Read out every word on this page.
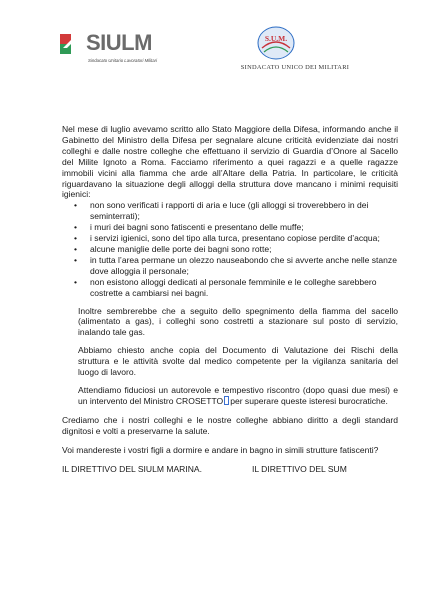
SIULM
Sindacato Unitario Lavoratori Militari
S.U.M.
SINDACATO UNICO DEI MILITARI

Nel mese di luglio avevamo scritto allo Stato Maggiore della Difesa, informando anche il Gabinetto del Ministro della Difesa per segnalare alcune criticità evidenziate dai nostri colleghi e dalle nostre colleghe che effettuano il servizio di Guardia d’Onore al Sacello del Milite Ignoto a Roma. Facciamo riferimento a quei ragazzi e a quelle ragazze immobili vicini alla fiamma che arde all’Altare della Patria. In particolare, le criticità riguardavano la situazione degli alloggi della struttura dove mancano i minimi requisiti igienici:

• non sono verificati i rapporti di aria e luce (gli alloggi si troverebbero in dei seminterrati);
• i muri dei bagni sono fatiscenti e presentano delle muffe;
• i servizi igienici, sono del tipo alla turca, presentano copiose perdite d’acqua;
• alcune maniglie delle porte dei bagni sono rotte;
• in tutta l’area permane un olezzo nauseabondo che si avverte anche nelle stanze dove alloggia il personale;
• non esistono alloggi dedicati al personale femminile e le colleghe sarebbero costrette a cambiarsi nei bagni.

Inoltre sembrerebbe che a seguito dello spegnimento della fiamma del sacello (alimentato a gas), i colleghi sono costretti a stazionare sul posto di servizio, inalando tale gas.

Abbiamo chiesto anche copia del Documento di Valutazione dei Rischi della struttura e le attività svolte dal medico competente per la vigilanza sanitaria del luogo di lavoro.

Attendiamo fiduciosi un autorevole e tempestivo riscontro (dopo quasi due mesi) e un intervento del Ministro CROSETTO per superare queste isteresi burocratiche.

Crediamo che i nostri colleghi e le nostre colleghe abbiano diritto a degli standard dignitosi e volti a preservarne la salute.

Voi mandereste i vostri figli a dormire e andare in bagno in simili strutture fatiscenti?

IL DIRETTIVO DEL SIULM MARINA.	IL DIRETTIVO DEL SUM
